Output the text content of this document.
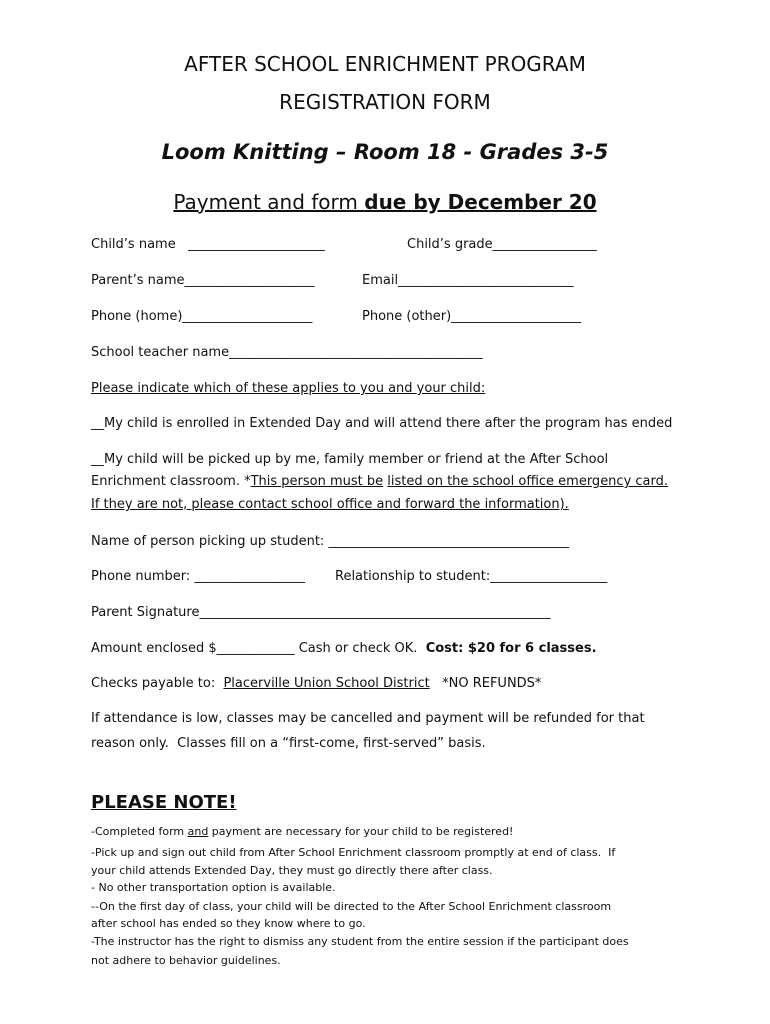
AFTER SCHOOL ENRICHMENT PROGRAM
REGISTRATION FORM
Loom Knitting – Room 18 - Grades 3-5
Payment and form due by December 20
Child’s name   _____________________	Child’s grade________________
Parent’s name____________________	Email___________________________
Phone (home)____________________	Phone (other)____________________
School teacher name_______________________________________
Please indicate which of these applies to you and your child:
__My child is enrolled in Extended Day and will attend there after the program has ended
__My child will be picked up by me, family member or friend at the After School
Enrichment classroom. *This person must be listed on the school office emergency card.
If they are not, please contact school office and forward the information).
Name of person picking up student: _____________________________________
Phone number: _________________ Relationship to student:__________________
Parent Signature______________________________________________________
Amount enclosed $____________ Cash or check OK.  Cost: $20 for 6 classes.
Checks payable to:  Placerville Union School District   *NO REFUNDS*
If attendance is low, classes may be cancelled and payment will be refunded for that
reason only.  Classes fill on a “first-come, first-served” basis.
PLEASE NOTE!
-Completed form and payment are necessary for your child to be registered!
-Pick up and sign out child from After School Enrichment classroom promptly at end of class.  If
your child attends Extended Day, they must go directly there after class.
- No other transportation option is available.
--On the first day of class, your child will be directed to the After School Enrichment classroom
after school has ended so they know where to go.
-The instructor has the right to dismiss any student from the entire session if the participant does
not adhere to behavior guidelines.
